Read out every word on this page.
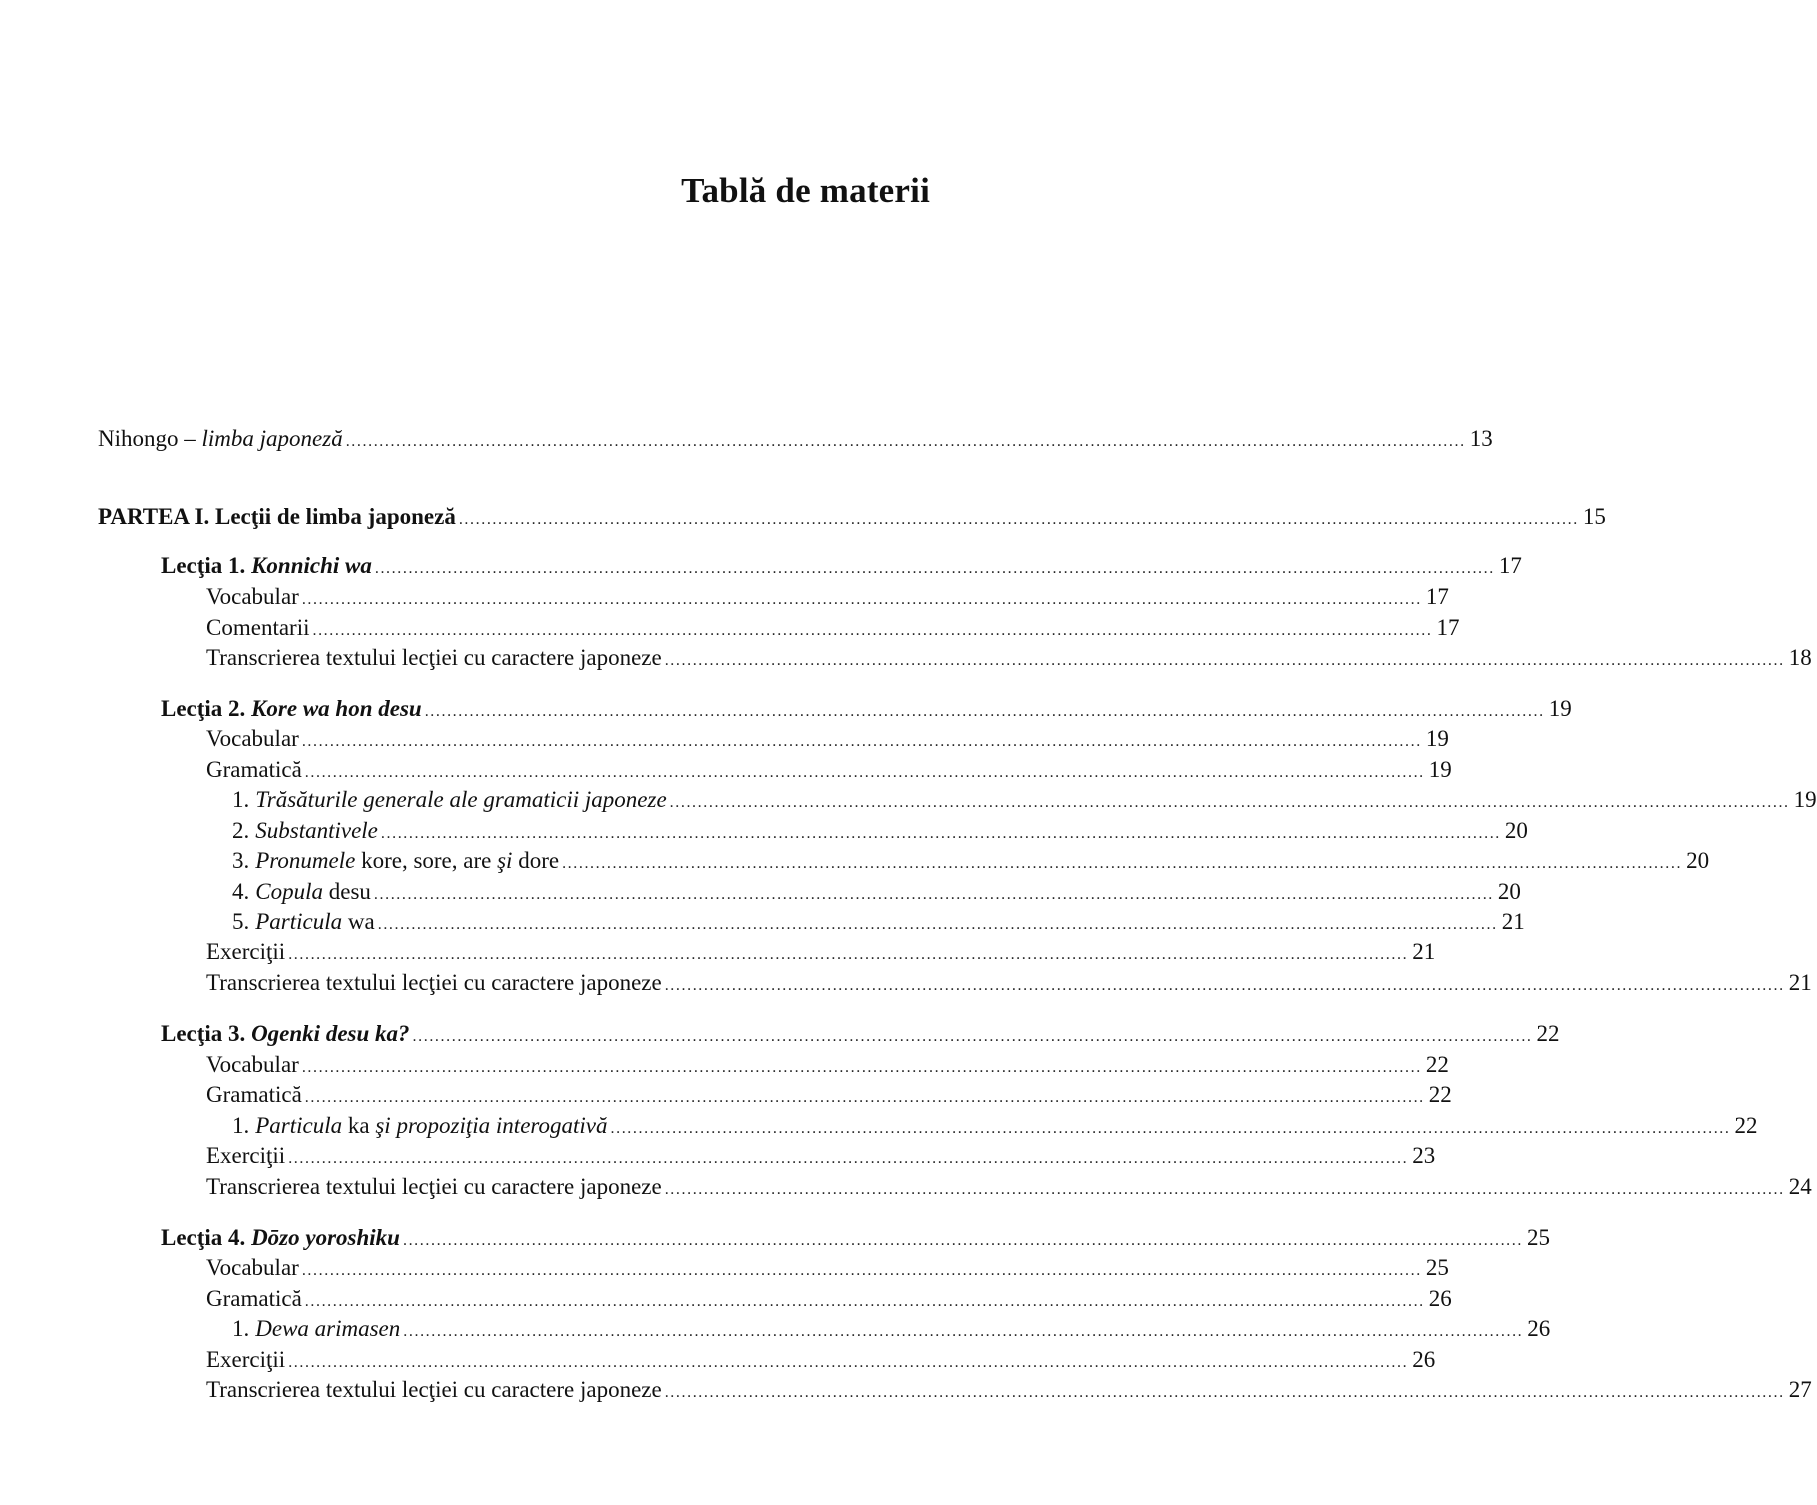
Tablă de materii
Nihongo – limba japoneză ........................................................................................................................................................................................................ 13
PARTEA I. Lecţii de limba japoneză ........................................................................................................................................................................................................ 15
Lecţia 1. Konnichi wa ........................................................................................................................................................................................................ 17
Vocabular ........................................................................................................................................................................................................ 17
Comentarii ........................................................................................................................................................................................................ 17
Transcrierea textului lecţiei cu caractere japoneze ........................................................................................................................................................................................................ 18
Lecţia 2. Kore wa hon desu ........................................................................................................................................................................................................ 19
Vocabular ........................................................................................................................................................................................................ 19
Gramatică ........................................................................................................................................................................................................ 19
1. Trăsăturile generale ale gramaticii japoneze ........................................................................................................................................................................................................ 19
2. Substantivele ........................................................................................................................................................................................................ 20
3. Pronumele kore, sore, are şi dore ........................................................................................................................................................................................................ 20
4. Copula desu ........................................................................................................................................................................................................ 20
5. Particula wa ........................................................................................................................................................................................................ 21
Exerciţii ........................................................................................................................................................................................................ 21
Transcrierea textului lecţiei cu caractere japoneze ........................................................................................................................................................................................................ 21
Lecţia 3. Ogenki desu ka? ........................................................................................................................................................................................................ 22
Vocabular ........................................................................................................................................................................................................ 22
Gramatică ........................................................................................................................................................................................................ 22
1. Particula ka şi propoziţia interogativă ........................................................................................................................................................................................................ 22
Exerciţii ........................................................................................................................................................................................................ 23
Transcrierea textului lecţiei cu caractere japoneze ........................................................................................................................................................................................................ 24
Lecţia 4. Dōzo yoroshiku ........................................................................................................................................................................................................ 25
Vocabular ........................................................................................................................................................................................................ 25
Gramatică ........................................................................................................................................................................................................ 26
1. Dewa arimasen ........................................................................................................................................................................................................ 26
Exerciţii ........................................................................................................................................................................................................ 26
Transcrierea textului lecţiei cu caractere japoneze ........................................................................................................................................................................................................ 27
